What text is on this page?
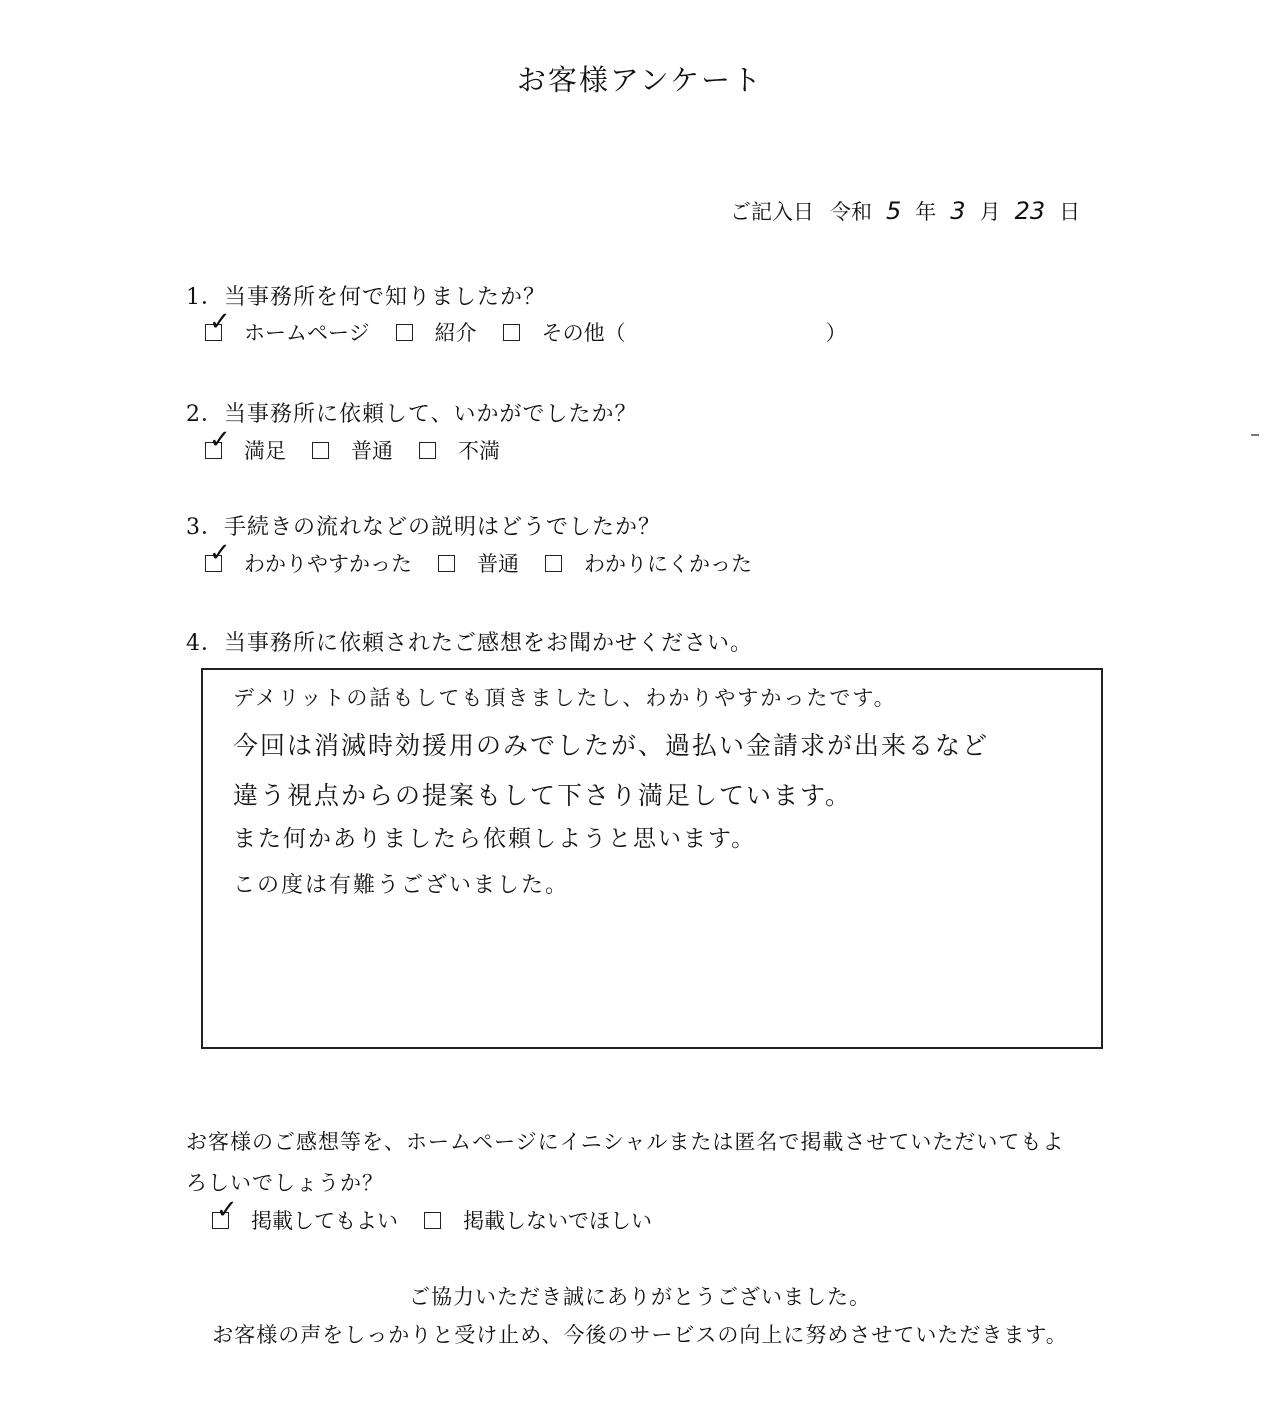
お客様アンケート
ご記入日 令和 5 年 3 月 23 日
1．当事務所を何で知りましたか？
✓ ホームページ	紹介	その他（	）
2．当事務所に依頼して、いかがでしたか？
✓ 満足	普通	不満
3．手続きの流れなどの説明はどうでしたか？
✓ わかりやすかった	普通	わかりにくかった
4．当事務所に依頼されたご感想をお聞かせください。
デメリットの話もしても頂きましたし、わかりやすかったです。
今回は消滅時効援用のみでしたが、過払い金請求が出来るなど
違う視点からの提案もして下さり満足しています。
また何かありましたら依頼しようと思います。
この度は有難うございました。
お客様のご感想等を、ホームページにイニシャルまたは匿名で掲載させていただいてもよ
ろしいでしょうか？
✓ 掲載してもよい	掲載しないでほしい
ご協力いただき誠にありがとうございました。
お客様の声をしっかりと受け止め、今後のサービスの向上に努めさせていただきます。
